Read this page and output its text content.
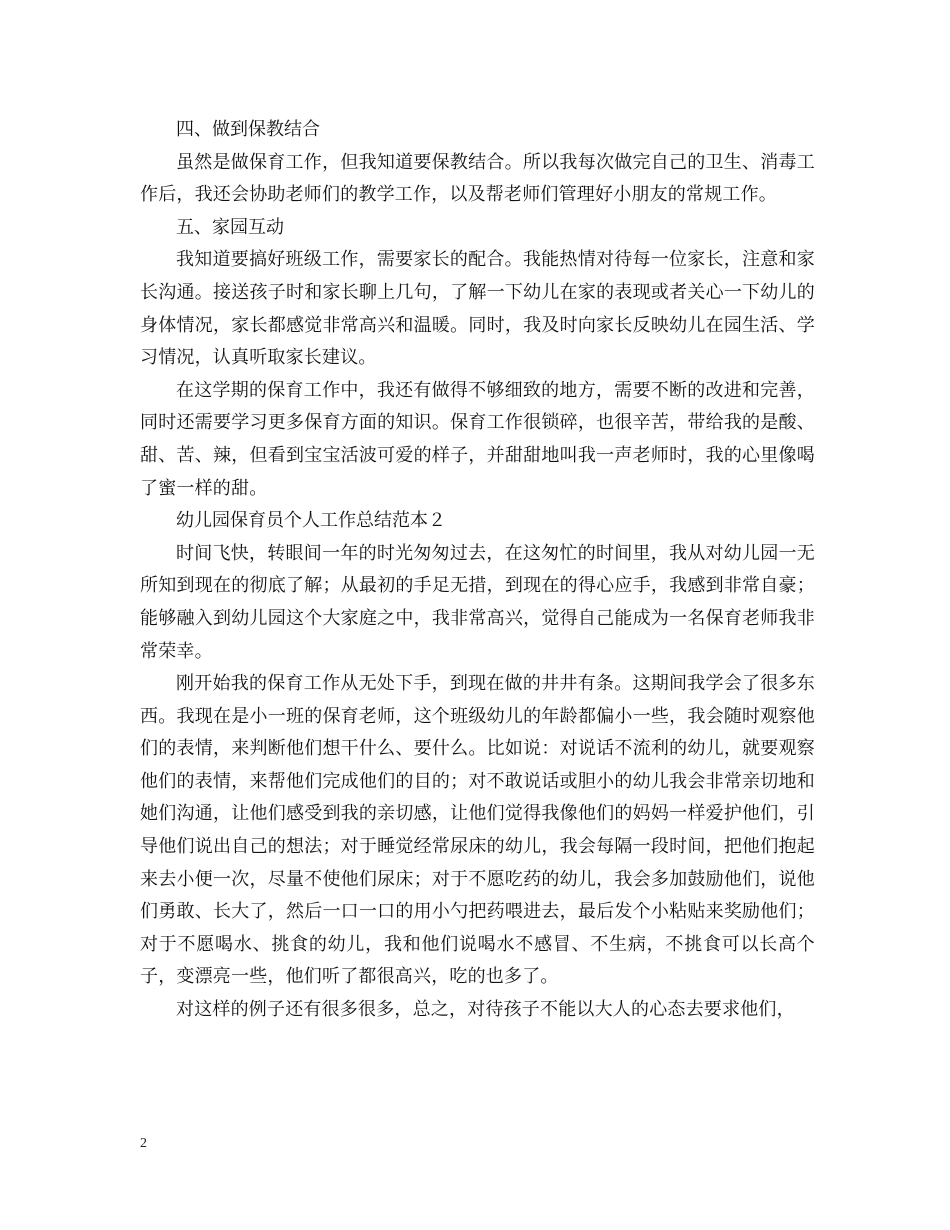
四、做到保教结合

虽然是做保育工作，但我知道要保教结合。所以我每次做完自己的卫生、消毒工作后，我还会协助老师们的教学工作，以及帮老师们管理好小朋友的常规工作。

五、家园互动

我知道要搞好班级工作，需要家长的配合。我能热情对待每一位家长，注意和家长沟通。接送孩子时和家长聊上几句，了解一下幼儿在家的表现或者关心一下幼儿的身体情况，家长都感觉非常高兴和温暖。同时，我及时向家长反映幼儿在园生活、学习情况，认真听取家长建议。

在这学期的保育工作中，我还有做得不够细致的地方，需要不断的改进和完善，同时还需要学习更多保育方面的知识。保育工作很锁碎，也很辛苦，带给我的是酸、甜、苦、辣，但看到宝宝活波可爱的样子，并甜甜地叫我一声老师时，我的心里像喝了蜜一样的甜。

幼儿园保育员个人工作总结范本２

时间飞快，转眼间一年的时光匆匆过去，在这匆忙的时间里，我从对幼儿园一无所知到现在的彻底了解；从最初的手足无措，到现在的得心应手，我感到非常自豪；能够融入到幼儿园这个大家庭之中，我非常高兴，觉得自己能成为一名保育老师我非常荣幸。

刚开始我的保育工作从无处下手，到现在做的井井有条。这期间我学会了很多东西。我现在是小一班的保育老师，这个班级幼儿的年龄都偏小一些，我会随时观察他们的表情，来判断他们想干什么、要什么。比如说：对说话不流利的幼儿，就要观察他们的表情，来帮他们完成他们的目的；对不敢说话或胆小的幼儿我会非常亲切地和她们沟通，让他们感受到我的亲切感，让他们觉得我像他们的妈妈一样爱护他们，引导他们说出自己的想法；对于睡觉经常尿床的幼儿，我会每隔一段时间，把他们抱起来去小便一次，尽量不使他们尿床；对于不愿吃药的幼儿，我会多加鼓励他们，说他们勇敢、长大了，然后一口一口的用小勺把药喂进去，最后发个小粘贴来奖励他们；对于不愿喝水、挑食的幼儿，我和他们说喝水不感冒、不生病，不挑食可以长高个子，变漂亮一些，他们听了都很高兴，吃的也多了。

对这样的例子还有很多很多，总之，对待孩子不能以大人的心态去要求他们，

2
